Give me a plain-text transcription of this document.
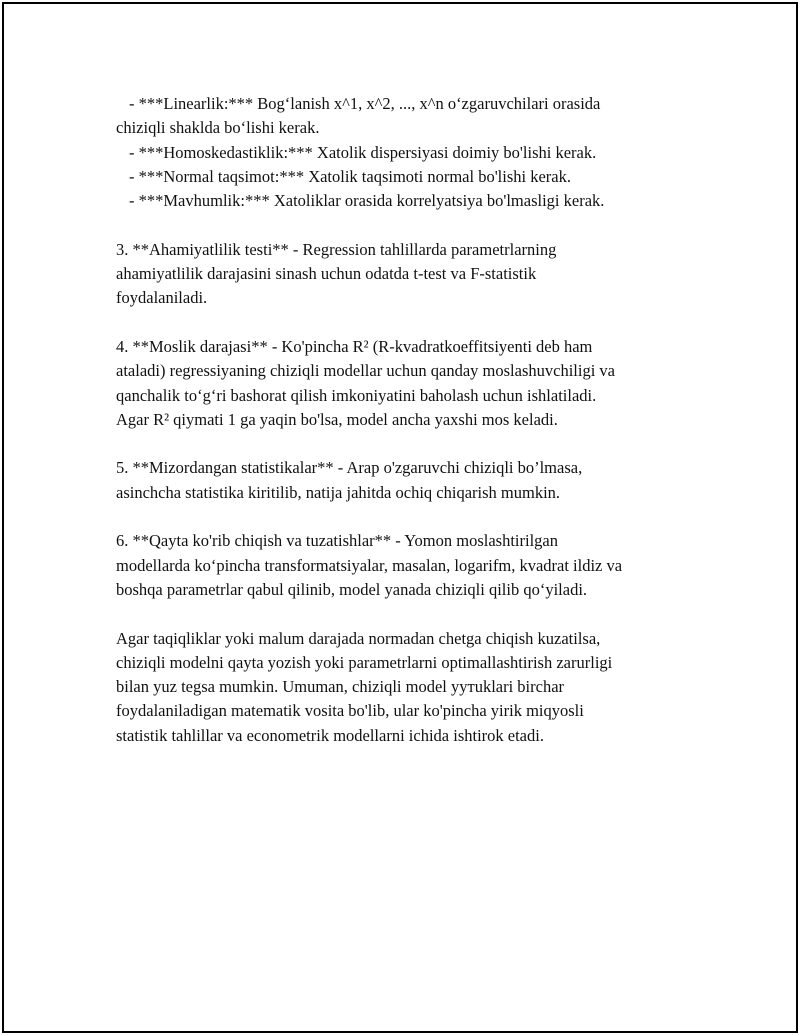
- ***Linearlik:*** Bog‘lanish x^1, x^2, ..., x^n o‘zgaruvchilari orasida
chiziqli shaklda bo‘lishi kerak.
- ***Homoskedastiklik:*** Xatolik dispersiyasi doimiy bo'lishi kerak.
- ***Normal taqsimot:*** Xatolik taqsimoti normal bo'lishi kerak.
- ***Mavhumlik:*** Xatoliklar orasida korrelyatsiya bo'lmasligi kerak.
3. **Ahamiyatlilik testi** - Regression tahlillarda parametrlarning
ahamiyatlilik darajasini sinash uchun odatda t-test va F-statistik
foydalaniladi.
4. **Moslik darajasi** - Ko'pincha R² (R-kvadratkoeffitsiyenti deb ham
ataladi) regressiyaning chiziqli modellar uchun qanday moslashuvchiligi va
qanchalik to‘g‘ri bashorat qilish imkoniyatini baholash uchun ishlatiladi.
Agar R² qiymati 1 ga yaqin bo'lsa, model ancha yaxshi mos keladi.
5. **Mizordangan statistikalar** - Arap o'zgaruvchi chiziqli bo’lmasa,
asinchcha statistika kiritilib, natija jahitda ochiq chiqarish mumkin.
6. **Qayta ko'rib chiqish va tuzatishlar** - Yomon moslashtirilgan
modellarda ko‘pincha transformatsiyalar, masalan, logarifm, kvadrat ildiz va
boshqa parametrlar qabul qilinib, model yanada chiziqli qilib qo‘yiladi.
Agar taqiqliklar yoki malum darajada normadan chetga chiqish kuzatilsa,
chiziqli modelni qayta yozish yoki parametrlarni optimallashtirish zarurligi
bilan yuz tegsa mumkin. Umuman, chiziqli model yyтuklari birchar
foydalaniladigan matematik vosita bo'lib, ular ko'pincha yirik miqyosli
statistik tahlillar va econometrik modellarni ichida ishtirok etadi.
